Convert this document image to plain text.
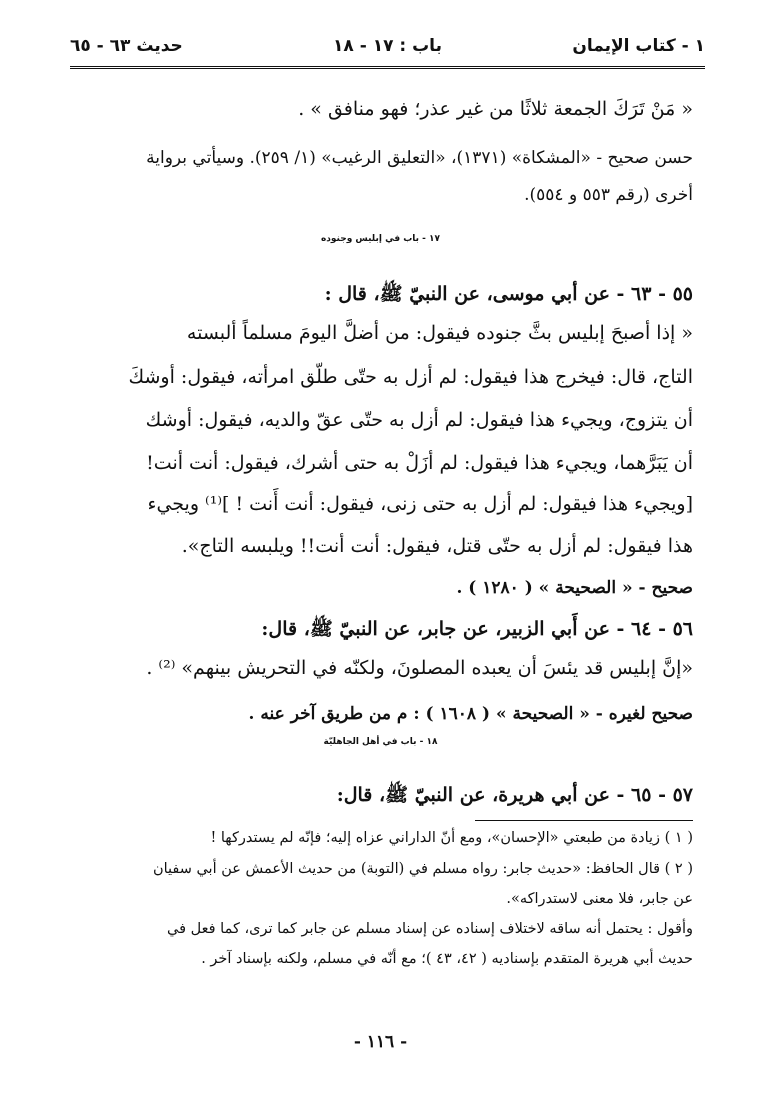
١ - كتاب الإيمان
باب : ١٧ - ١٨
حديث ٦٣ - ٦٥
« مَنْ تَرَكَ الجمعة ثلاثًا من غير عذر؛ فهو منافق » .
حسن صحيح - «المشكاة» (١٣٧١)، «التعليق الرغيب» (١/ ٢٥٩). وسيأتي برواية
أخرى (رقم ٥٥٣ و ٥٥٤).
١٧ - باب في إبليس وجنوده
٥٥ - ٦٣ - عن أبي موسى، عن النبيّ ﷺ، قال :
« إذا أصبحَ إبليس بثَّ جنوده فيقول: من أضلَّ اليومَ مسلماً ألبسته
التاج، قال: فيخرج هذا فيقول: لم أزل به حتّى طلّق امرأته، فيقول: أوشكَ
أن يتزوج، ويجيء هذا فيقول: لم أزل به حتّى عقّ والديه، فيقول: أوشك
أن يَبَرَّهما، ويجيء هذا فيقول: لم أزَلْ به حتى أشرك، فيقول: أنت أنت!
[ويجيء هذا فيقول: لم أزل به حتى زنى، فيقول: أنت أَنت ! ]⁽¹⁾ ويجيء
هذا فيقول: لم أزل به حتّى قتل، فيقول: أنت أنت!! ويلبسه التاج».
صحيح - « الصحيحة » ( ١٢٨٠ ) .
٥٦ - ٦٤ - عن أَبي الزبير، عن جابر، عن النبيّ ﷺ، قال:
«إنَّ إبليس قد يئسَ أن يعبده المصلونَ، ولكنّه في التحريش بينهم» ⁽²⁾ .
صحيح لغيره - « الصحيحة » ( ١٦٠٨ ) : م من طريق آخر عنه .
١٨ - باب في أهل الجاهليّة
٥٧ - ٦٥ - عن أبي هريرة، عن النبيّ ﷺ، قال:
( ١ ) زيادة من طبعتي «الإحسان»، ومع أنّ الداراني عزاه إليه؛ فإنّه لم يستدركها !
( ٢ ) قال الحافظ: «حديث جابر: رواه مسلم في (التوبة) من حديث الأعمش عن أبي سفيان
عن جابر، فلا معنى لاستدراكه».
وأقول : يحتمل أنه ساقه لاختلاف إسناده عن إسناد مسلم عن جابر كما ترى، كما فعل في
حديث أبي هريرة المتقدم بإسناديه ( ٤٢، ٤٣ )؛ مع أنّه في مسلم، ولكنه بإسناد آخر .
- ١١٦ -
